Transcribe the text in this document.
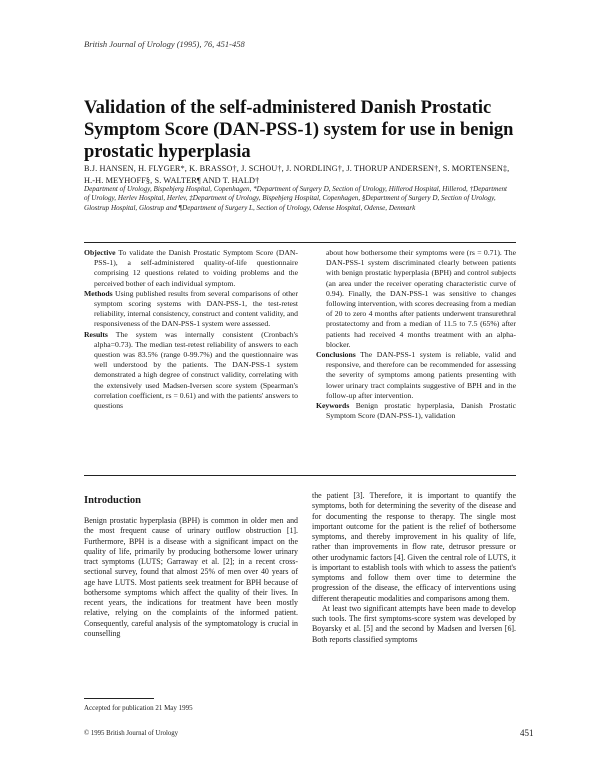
British Journal of Urology (1995), 76, 451-458
Validation of the self-administered Danish Prostatic Symptom Score (DAN-PSS-1) system for use in benign prostatic hyperplasia
B.J. HANSEN, H. FLYGER*, K. BRASSO†, J. SCHOU†, J. NORDLING†, J. THORUP ANDERSEN†, S. MORTENSEN‡, H.-H. MEYHOFF§, S. WALTER¶ AND T. HALD†
Department of Urology, Bispebjerg Hospital, Copenhagen, *Department of Surgery D, Section of Urology, Hillerod Hospital, Hillerod, †Department of Urology, Herlev Hospital, Herlev, ‡Department of Urology, Bispebjerg Hospital, Copenhagen, §Department of Surgery D, Section of Urology, Glostrup Hospital, Glostrup and ¶Department of Surgery L, Section of Urology, Odense Hospital, Odense, Denmark

Objective To validate the Danish Prostatic Symptom Score (DAN-PSS-1), a self-administered quality-of-life questionnaire comprising 12 questions related to voiding problems and the perceived bother of each individual symptom.

Methods Using published results from several comparisons of other symptom scoring systems with DAN-PSS-1, the test-retest reliability, internal consistency, construct and content validity, and responsiveness of the DAN-PSS-1 system were assessed.

Results The system was internally consistent (Cronbach's alpha=0.73). The median test-retest reliability of answers to each question was 83.5% (range 0-99.7%) and the questionnaire was well understood by the patients. The DAN-PSS-1 system demonstrated a high degree of construct validity, correlating with the extensively used Madsen-Iversen score system (Spearman's correlation coefficient, rs = 0.61) and with the patients' answers to questions

about how bothersome their symptoms were (rs = 0.71). The DAN-PSS-1 system discriminated clearly between patients with benign prostatic hyperplasia (BPH) and control subjects (an area under the receiver operating characteristic curve of 0.94). Finally, the DAN-PSS-1 was sensitive to changes following intervention, with scores decreasing from a median of 20 to zero 4 months after patients underwent transurethral prostatectomy and from a median of 11.5 to 7.5 (65%) after patients had received 4 months treatment with an alpha-blocker.

Conclusions The DAN-PSS-1 system is reliable, valid and responsive, and therefore can be recommended for assessing the severity of symptoms among patients presenting with lower urinary tract complaints suggestive of BPH and in the follow-up after intervention.

Keywords Benign prostatic hyperplasia, Danish Prostatic Symptom Score (DAN-PSS-1), validation

Introduction

Benign prostatic hyperplasia (BPH) is common in older men and the most frequent cause of urinary outflow obstruction [1]. Furthermore, BPH is a disease with a significant impact on the quality of life, primarily by producing bothersome lower urinary tract symptoms (LUTS; Garraway et al. [2]; in a recent cross-sectional survey, found that almost 25% of men over 40 years of age have LUTS. Most patients seek treatment for BPH because of bothersome symptoms which affect the quality of their lives. In recent years, the indications for treatment have been mostly relative, relying on the complaints of the informed patient. Consequently, careful analysis of the symptomatology is crucial in counselling

the patient [3]. Therefore, it is important to quantify the symptoms, both for determining the severity of the disease and for documenting the response to therapy. The single most important outcome for the patient is the relief of bothersome symptoms, and thereby improvement in his quality of life, rather than improvements in flow rate, detrusor pressure or other urodynamic factors [4]. Given the central role of LUTS, it is important to establish tools with which to assess the patient's symptoms and follow them over time to determine the progression of the disease, the efficacy of interventions using different therapeutic modalities and comparisons among them.

At least two significant attempts have been made to develop such tools. The first symptoms-score system was developed by Boyarsky et al. [5] and the second by Madsen and Iversen [6]. Both reports classified symptoms

Accepted for publication 21 May 1995
© 1995 British Journal of Urology	451
